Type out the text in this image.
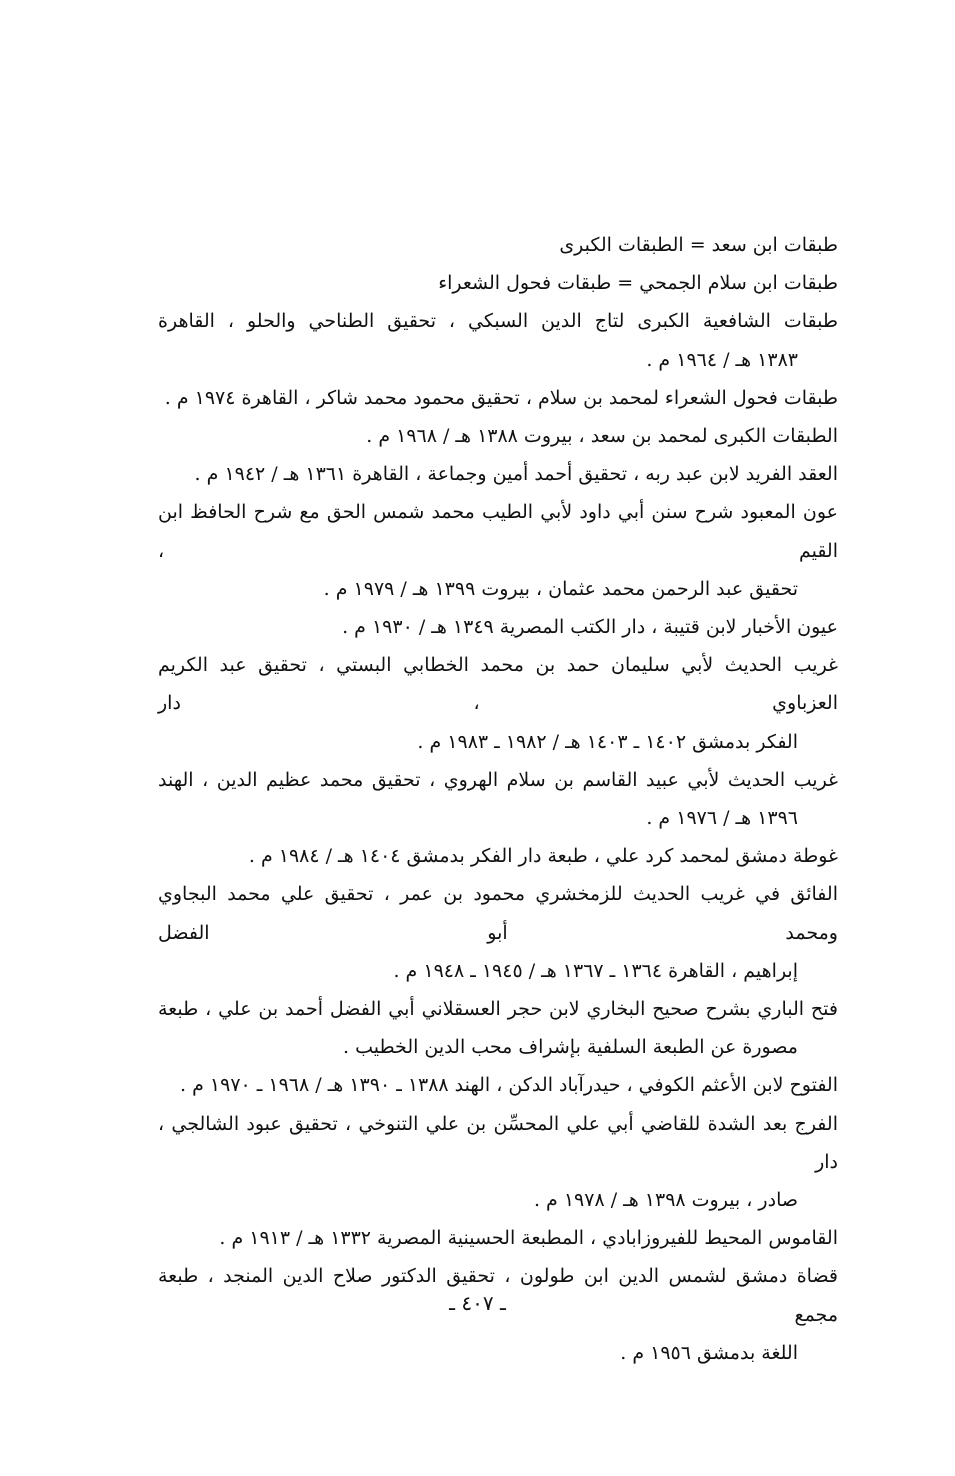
طبقات ابن سعد = الطبقات الكبرى

طبقات ابن سلام الجمحي = طبقات فحول الشعراء

طبقات الشافعية الكبرى لتاج الدين السبكي ، تحقيق الطناحي والحلو ، القاهرة
١٣٨٣ هـ / ١٩٦٤ م .

طبقات فحول الشعراء لمحمد بن سلام ، تحقيق محمود محمد شاكر ، القاهرة ١٩٧٤ م .

الطبقات الكبرى لمحمد بن سعد ، بيروت ١٣٨٨ هـ / ١٩٦٨ م .

العقد الفريد لابن عبد ربه ، تحقيق أحمد أمين وجماعة ، القاهرة ١٣٦١ هـ / ١٩٤٢ م .

عون المعبود شرح سنن أبي داود لأبي الطيب محمد شمس الحق مع شرح الحافظ ابن القيم ،
تحقيق عبد الرحمن محمد عثمان ، بيروت ١٣٩٩ هـ / ١٩٧٩ م .

عيون الأخبار لابن قتيبة ، دار الكتب المصرية ١٣٤٩ هـ / ١٩٣٠ م .

غريب الحديث لأبي سليمان حمد بن محمد الخطابي البستي ، تحقيق عبد الكريم العزباوي ، دار
الفكر بدمشق ١٤٠٢ ـ ١٤٠٣ هـ / ١٩٨٢ ـ ١٩٨٣ م .

غريب الحديث لأبي عبيد القاسم بن سلام الهروي ، تحقيق محمد عظيم الدين ، الهند
١٣٩٦ هـ / ١٩٧٦ م .

غوطة دمشق لمحمد كرد علي ، طبعة دار الفكر بدمشق ١٤٠٤ هـ / ١٩٨٤ م .

الفائق في غريب الحديث للزمخشري محمود بن عمر ، تحقيق علي محمد البجاوي ومحمد أبو الفضل
إبراهيم ، القاهرة ١٣٦٤ ـ ١٣٦٧ هـ / ١٩٤٥ ـ ١٩٤٨ م .

فتح الباري بشرح صحيح البخاري لابن حجر العسقلاني أبي الفضل أحمد بن علي ، طبعة
مصورة عن الطبعة السلفية بإشراف محب الدين الخطيب .

الفتوح لابن الأعثم الكوفي ، حيدرآباد الدكن ، الهند ١٣٨٨ ـ ١٣٩٠ هـ / ١٩٦٨ ـ ١٩٧٠ م .

الفرج بعد الشدة للقاضي أبي علي المحسِّن بن علي التنوخي ، تحقيق عبود الشالجي ، دار
صادر ، بيروت ١٣٩٨ هـ / ١٩٧٨ م .

القاموس المحيط للفيروزابادي ، المطبعة الحسينية المصرية ١٣٣٢ هـ / ١٩١٣ م .

قضاة دمشق لشمس الدين ابن طولون ، تحقيق الدكتور صلاح الدين المنجد ، طبعة مجمع
اللغة بدمشق ١٩٥٦ م .

ـ ٤٠٧ ـ
